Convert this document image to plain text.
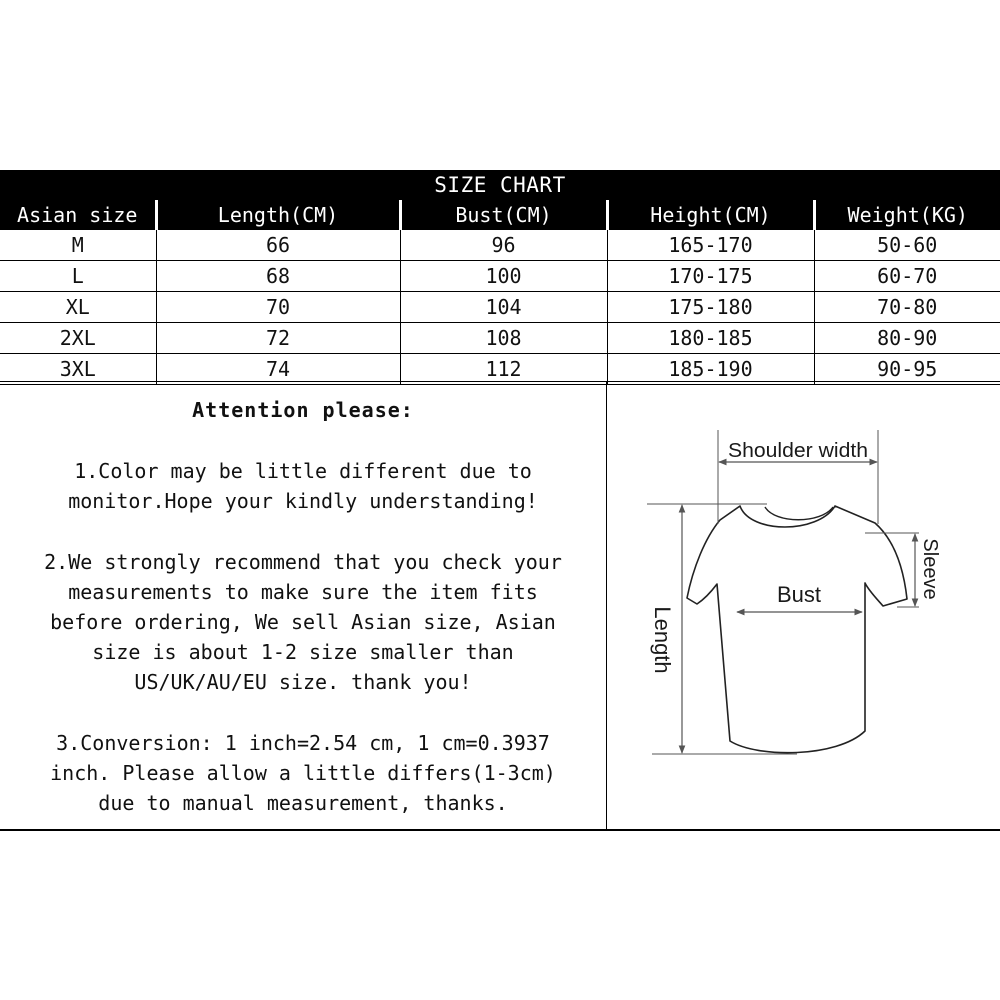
SIZE CHART
Asian size	Length(CM)	Bust(CM)	Height(CM)	Weight(KG)
M	66	96	165-170	50-60
L	68	100	170-175	60-70
XL	70	104	175-180	70-80
2XL	72	108	180-185	80-90
3XL	74	112	185-190	90-95
Attention please:
1.Color may be little different due to
monitor.Hope your kindly understanding!
2.We strongly recommend that you check your
measurements to make sure the item fits
before ordering, We sell Asian size, Asian
size is about 1-2 size smaller than
US/UK/AU/EU size. thank you!
3.Conversion: 1 inch=2.54 cm, 1 cm=0.3937
inch. Please allow a little differs(1-3cm)
due to manual measurement, thanks.
Shoulder width
Sleeve
Bust
Length
